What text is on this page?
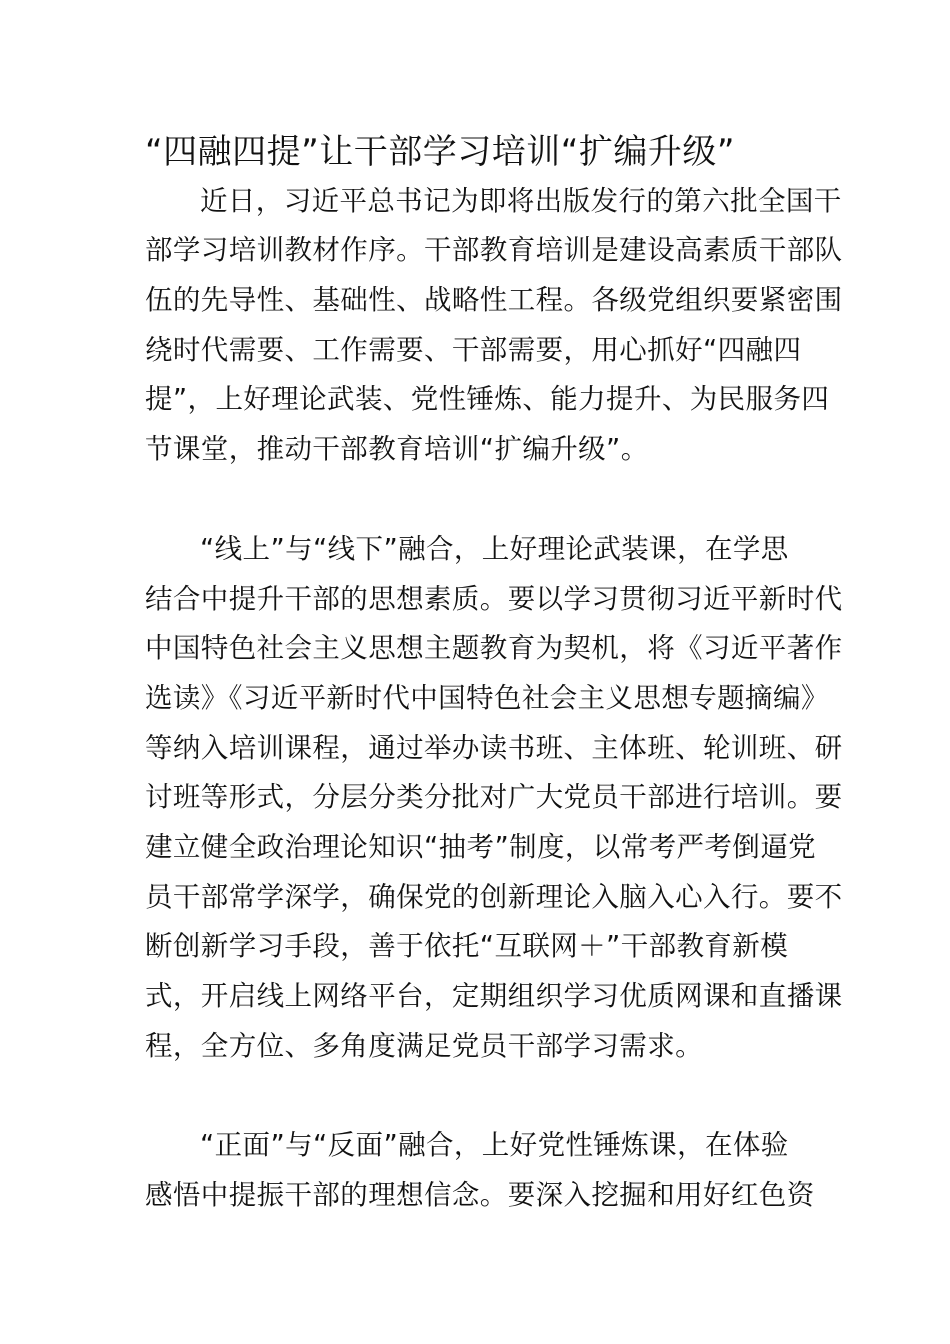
“四融四提”让干部学习培训“扩编升级”
近日，习近平总书记为即将出版发行的第六批全国干
部学习培训教材作序。干部教育培训是建设高素质干部队
伍的先导性、基础性、战略性工程。各级党组织要紧密围
绕时代需要、工作需要、干部需要，用心抓好“四融四
提”，上好理论武装、党性锤炼、能力提升、为民服务四
节课堂，推动干部教育培训“扩编升级”。
“线上”与“线下”融合，上好理论武装课，在学思
结合中提升干部的思想素质。要以学习贯彻习近平新时代
中国特色社会主义思想主题教育为契机，将《习近平著作
选读》《习近平新时代中国特色社会主义思想专题摘编》
等纳入培训课程，通过举办读书班、主体班、轮训班、研
讨班等形式，分层分类分批对广大党员干部进行培训。要
建立健全政治理论知识“抽考”制度，以常考严考倒逼党
员干部常学深学，确保党的创新理论入脑入心入行。要不
断创新学习手段，善于依托“互联网＋”干部教育新模
式，开启线上网络平台，定期组织学习优质网课和直播课
程，全方位、多角度满足党员干部学习需求。
“正面”与“反面”融合，上好党性锤炼课，在体验
感悟中提振干部的理想信念。要深入挖掘和用好红色资
